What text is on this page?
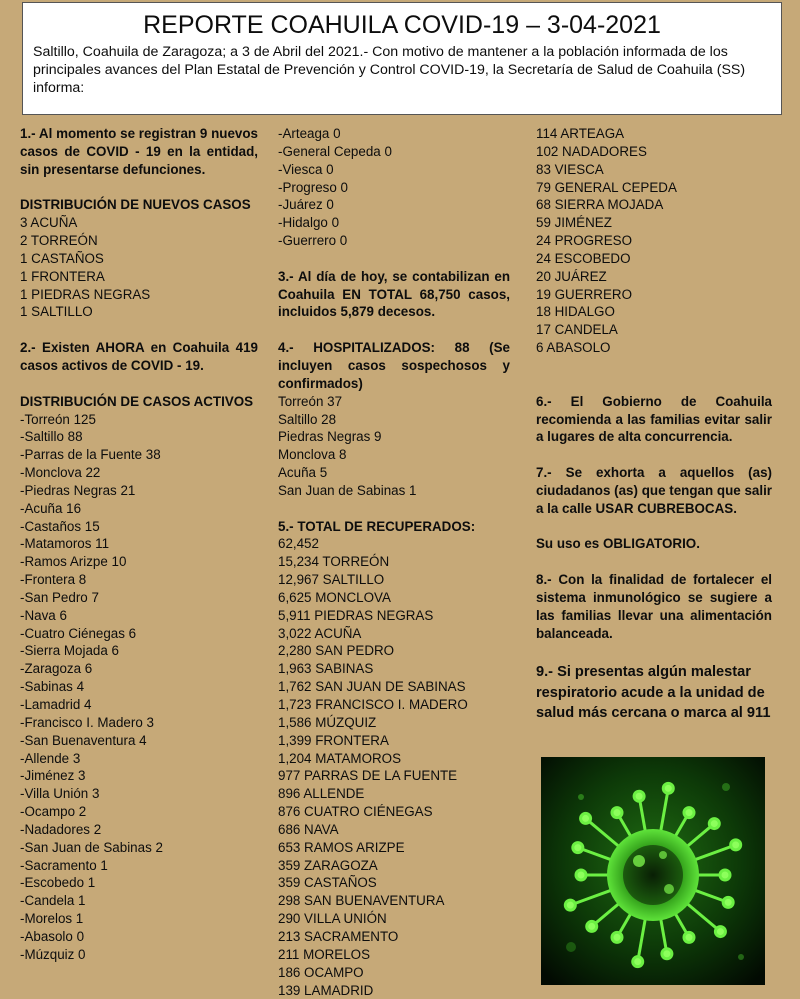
REPORTE COAHUILA COVID-19 – 3-04-2021

Saltillo, Coahuila de Zaragoza; a 3 de Abril del 2021.- Con motivo de mantener a la población informada de los principales avances del Plan Estatal de Prevención y Control COVID-19, la Secretaría de Salud de Coahuila (SS) informa:

1.- Al momento se registran 9 nuevos casos de COVID - 19 en la entidad, sin presentarse defunciones.
DISTRIBUCIÓN DE NUEVOS CASOS
3 ACUÑA
2 TORREÓN
1 CASTAÑOS
1 FRONTERA
1 PIEDRAS NEGRAS
1 SALTILLO
2.- Existen AHORA en Coahuila 419 casos activos de COVID - 19.
DISTRIBUCIÓN DE CASOS ACTIVOS
-Torreón 125
-Saltillo 88
-Parras de la Fuente 38
-Monclova 22
-Piedras Negras 21
-Acuña 16
-Castaños 15
-Matamoros 11
-Ramos Arizpe 10
-Frontera 8
-San Pedro 7
-Nava 6
-Cuatro Ciénegas 6
-Sierra Mojada 6
-Zaragoza 6
-Sabinas 4
-Lamadrid 4
-Francisco I. Madero 3
-San Buenaventura 4
-Allende 3
-Jiménez 3
-Villa Unión 3
-Ocampo 2
-Nadadores 2
-San Juan de Sabinas 2
-Sacramento 1
-Escobedo 1
-Candela 1
-Morelos 1
-Abasolo 0
-Múzquiz 0
-Arteaga 0
-General Cepeda 0
-Viesca 0
-Progreso 0
-Juárez 0
-Hidalgo 0
-Guerrero 0
3.- Al día de hoy, se contabilizan en Coahuila EN TOTAL 68,750 casos, incluidos 5,879 decesos.
4.- HOSPITALIZADOS: 88 (Se incluyen casos sospechosos y confirmados)
Torreón 37
Saltillo 28
Piedras Negras 9
Monclova 8
Acuña 5
San Juan de Sabinas 1
5.- TOTAL DE RECUPERADOS: 62,452
15,234 TORREÓN
12,967 SALTILLO
6,625 MONCLOVA
5,911 PIEDRAS NEGRAS
3,022 ACUÑA
2,280 SAN PEDRO
1,963 SABINAS
1,762 SAN JUAN DE SABINAS
1,723 FRANCISCO I. MADERO
1,586 MÚZQUIZ
1,399 FRONTERA
1,204 MATAMOROS
977 PARRAS DE LA FUENTE
896 ALLENDE
876 CUATRO CIÉNEGAS
686 NAVA
653 RAMOS ARIZPE
359 ZARAGOZA
359 CASTAÑOS
298 SAN BUENAVENTURA
290 VILLA UNIÓN
213 SACRAMENTO
211 MORELOS
186 OCAMPO
139 LAMADRID
114 ARTEAGA
102 NADADORES
83 VIESCA
79 GENERAL CEPEDA
68 SIERRA MOJADA
59 JIMÉNEZ
24 PROGRESO
24 ESCOBEDO
20 JUÁREZ
19 GUERRERO
18 HIDALGO
17 CANDELA
6 ABASOLO
6.- El Gobierno de Coahuila recomienda a las familias evitar salir a lugares de alta concurrencia.
7.- Se exhorta a aquellos (as) ciudadanos (as) que tengan que salir a la calle USAR CUBREBOCAS.
Su uso es OBLIGATORIO.
8.- Con la finalidad de fortalecer el sistema inmunológico se sugiere a las familias llevar una alimentación balanceada.
9.- Si presentas algún malestar respiratorio acude a la unidad de salud más cercana o marca al 911
